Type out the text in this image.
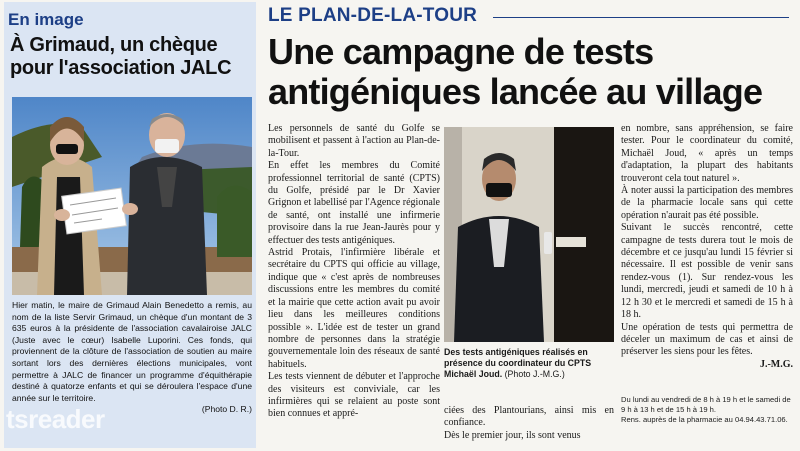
En image
À Grimaud, un chèque
pour l'association JALC
Hier matin, le maire de Grimaud Alain Benedetto a remis, au nom de la liste Servir Grimaud, un chèque d'un montant de 3 635 euros à la présidente de l'association cavalairoise JALC (Juste avec le cœur) Isabelle Luporini. Ces fonds, qui proviennent de la clôture de l'association de soutien au maire sortant lors des dernières élections municipales, vont permettre à JALC de financer un programme d'équithérapie destiné à quatorze enfants et qui se déroulera l'espace d'une année sur le territoire.
(Photo D. R.)
tsreader
LE PLAN-DE-LA-TOUR
Une campagne de tests
antigéniques lancée au village

Les personnels de santé du Golfe se mobilisent et passent à l'action au Plan-de-la-Tour.

En effet les membres du Comité professionnel territorial de santé (CPTS) du Golfe, présidé par le Dr Xavier Grignon et labellisé par l'Agence régionale de santé, ont installé une infirmerie provisoire dans la rue Jean-Jaurès pour y effectuer des tests antigéniques.

Astrid Protais, l'infirmière libérale et secrétaire du CPTS qui officie au village, indique que « c'est après de nombreuses discussions entre les membres du comité et la mairie que cette action avait pu avoir lieu dans les meilleures conditions possible ». L'idée est de tester un grand nombre de personnes dans la stratégie gouvernementale loin des réseaux de santé habituels.

Les tests viennent de débuter et l'approche des visiteurs est conviviale, car les infirmières qui se relaient au poste sont bien connues et appré-

Des tests antigéniques réalisés en présence du coordinateur du CPTS Michaël Joud. (Photo J.-M.G.)

ciées des Plantourians, ainsi mis en confiance.

Dès le premier jour, ils sont venus

en nombre, sans appréhension, se faire tester. Pour le coordinateur du comité, Michaël Joud, « après un temps d'adaptation, la plupart des habitants trouveront cela tout naturel ».

À noter aussi la participation des membres de la pharmacie locale sans qui cette opération n'aurait pas été possible.

Suivant le succès rencontré, cette campagne de tests durera tout le mois de décembre et ce jusqu'au lundi 15 février si nécessaire. Il est possible de venir sans rendez-vous (1). Sur rendez-vous les lundi, mercredi, jeudi et samedi de 10 h à 12 h 30 et le mercredi et samedi de 15 h à 18 h.

Une opération de tests qui permettra de déceler un maximum de cas et ainsi de préserver les siens pour les fêtes.

J.-M.G.

Du lundi au vendredi de 8 h à 19 h et le samedi de 9 h à 13 h et de 15 h à 19 h.

Rens. auprès de la pharmacie au 04.94.43.71.06.
